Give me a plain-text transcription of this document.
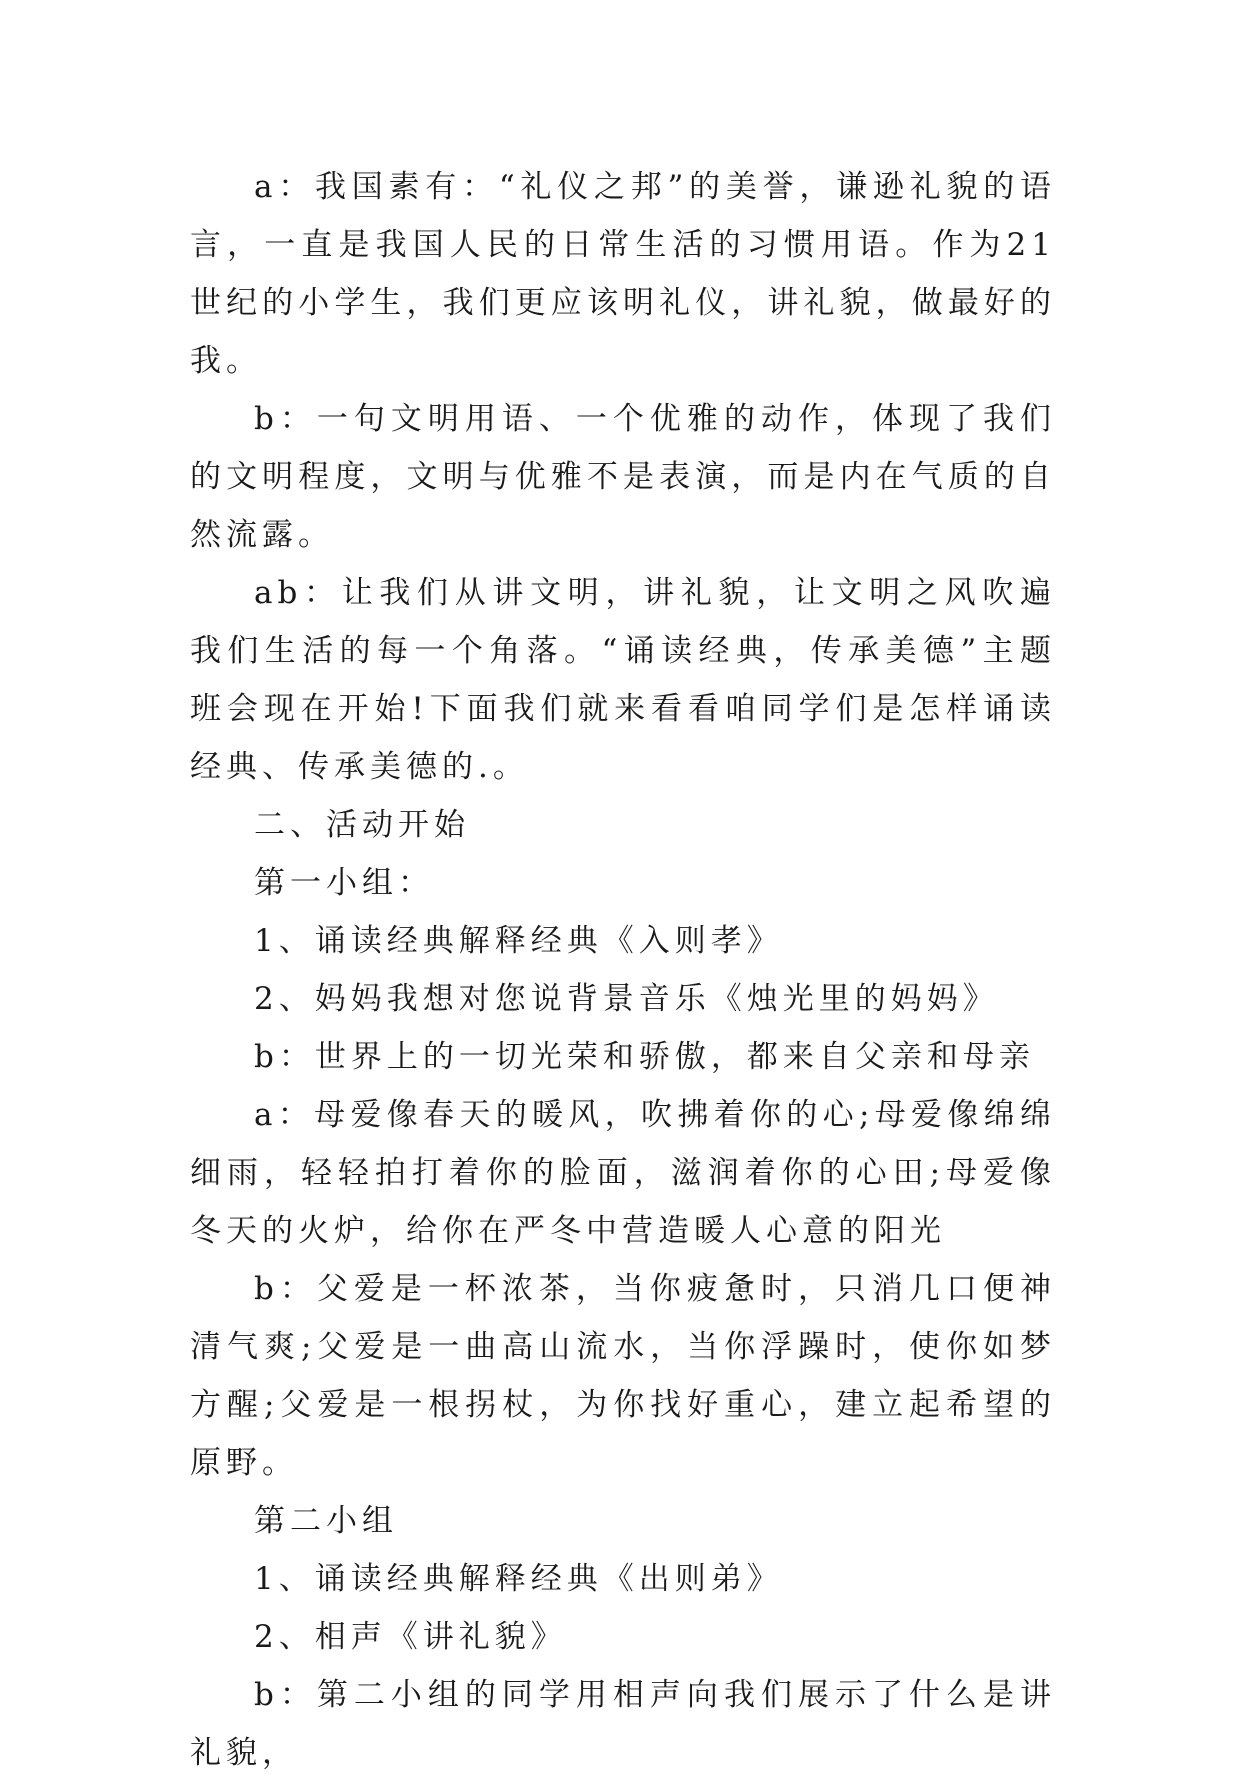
a：我国素有：“礼仪之邦”的美誉，谦逊礼貌的语言，一直是我国人民的日常生活的习惯用语。作为21世纪的小学生，我们更应该明礼仪，讲礼貌，做最好的我。

b：一句文明用语、一个优雅的动作，体现了我们的文明程度，文明与优雅不是表演，而是内在气质的自然流露。

ab：让我们从讲文明，讲礼貌，让文明之风吹遍我们生活的每一个角落。“诵读经典，传承美德”主题班会现在开始!下面我们就来看看咱同学们是怎样诵读经典、传承美德的.。

二、活动开始

第一小组：

1、诵读经典解释经典《入则孝》

2、妈妈我想对您说背景音乐《烛光里的妈妈》

b：世界上的一切光荣和骄傲，都来自父亲和母亲

a：母爱像春天的暖风，吹拂着你的心;母爱像绵绵细雨，轻轻拍打着你的脸面，滋润着你的心田;母爱像冬天的火炉，给你在严冬中营造暖人心意的阳光

b：父爱是一杯浓茶，当你疲惫时，只消几口便神清气爽;父爱是一曲高山流水，当你浮躁时，使你如梦方醒;父爱是一根拐杖，为你找好重心，建立起希望的原野。

第二小组

1、诵读经典解释经典《出则弟》

2、相声《讲礼貌》

b：第二小组的同学用相声向我们展示了什么是讲礼貌，
